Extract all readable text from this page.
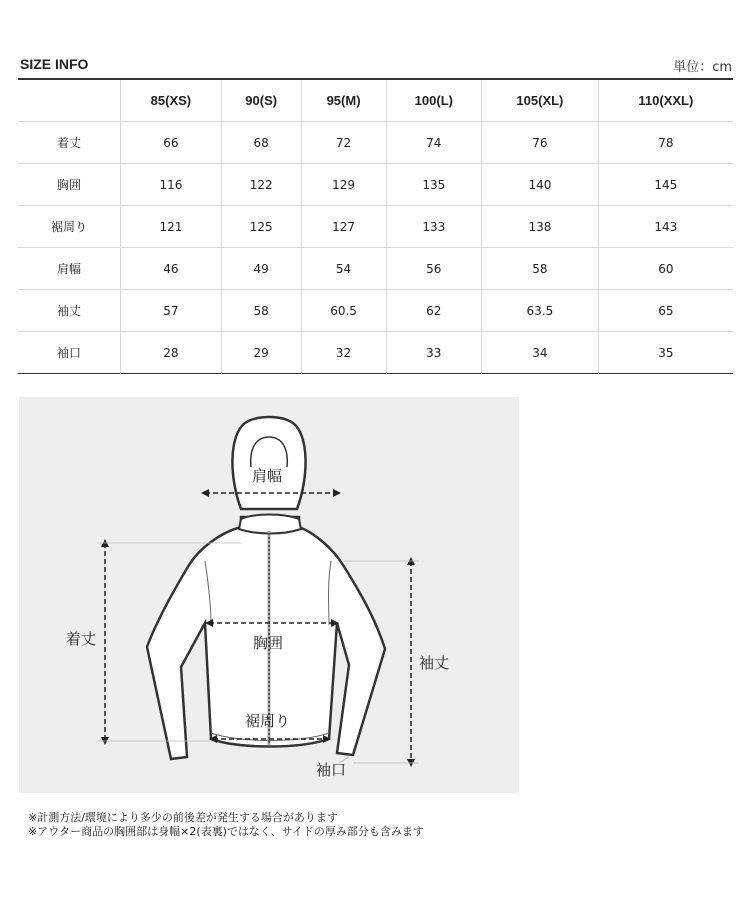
SIZE INFO	単位：cm
	85(XS)	90(S)	95(M)	100(L)	105(XL)	110(XXL)
着丈	66	68	72	74	76	78
胸囲	116	122	129	135	140	145
裾周り	121	125	127	133	138	143
肩幅	46	49	54	56	58	60
袖丈	57	58	60.5	62	63.5	65
袖口	28	29	32	33	34	35
肩幅
着丈	胸囲
袖丈
裾周り
袖口
※計測方法/環境により多少の前後差が発生する場合があります
※アウター商品の胸囲部は身幅×2(表裏)ではなく、サイドの厚み部分も含みます
